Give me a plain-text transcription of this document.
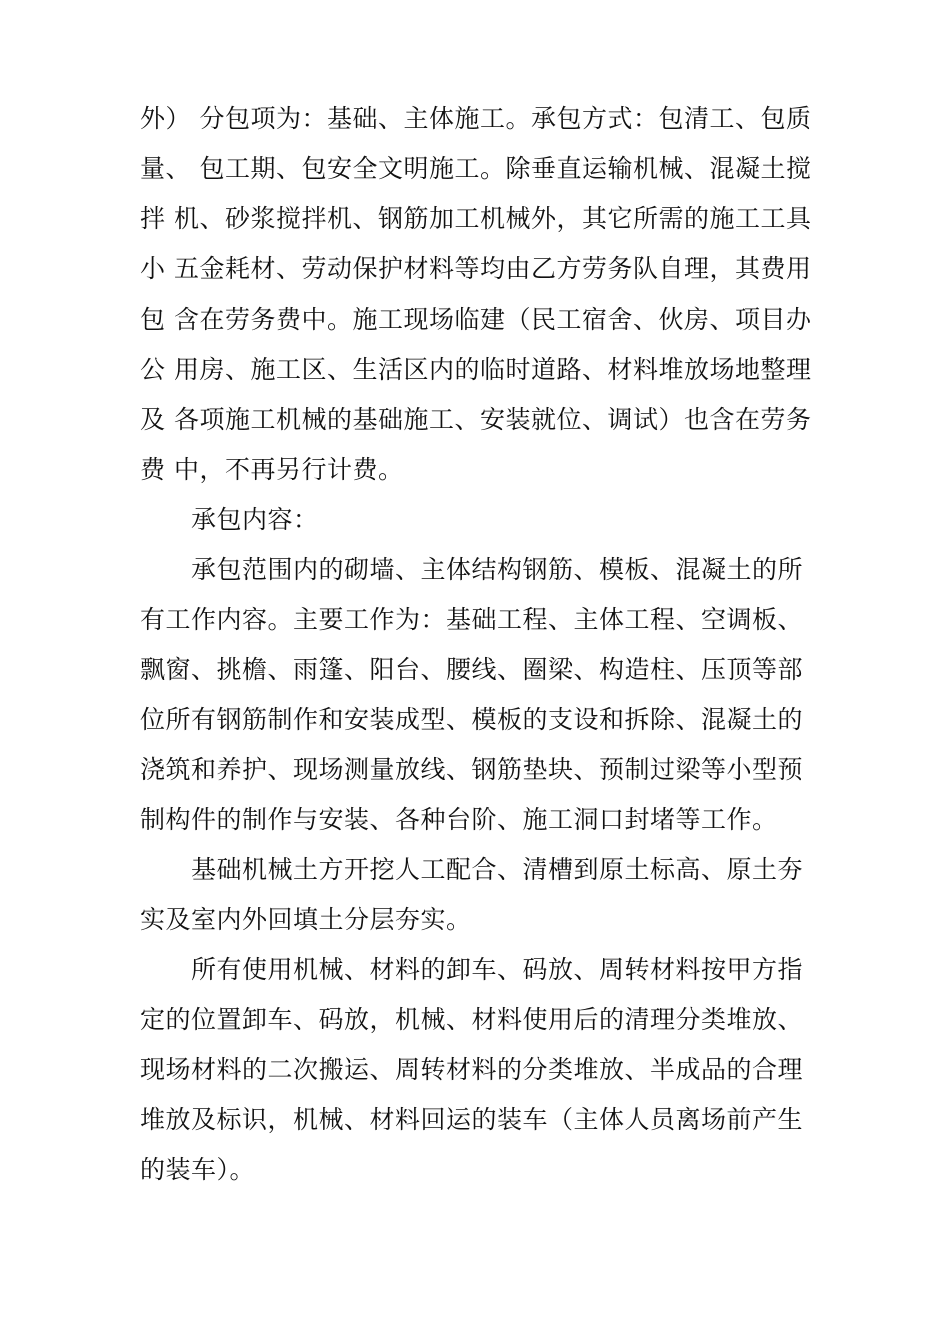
外） 分包项为：基础、主体施工。承包方式：包清工、包质
量、 包工期、包安全文明施工。除垂直运输机械、混凝土搅
拌 机、砂浆搅拌机、钢筋加工机械外，其它所需的施工工具
小 五金耗材、劳动保护材料等均由乙方劳务队自理，其费用
包 含在劳务费中。施工现场临建（民工宿舍、伙房、项目办
公 用房、施工区、生活区内的临时道路、材料堆放场地整理
及 各项施工机械的基础施工、安装就位、调试）也含在劳务
费 中，不再另行计费。
承包内容：
承包范围内的砌墙、主体结构钢筋、模板、混凝土的所
有工作内容。主要工作为：基础工程、主体工程、空调板、
飘窗、挑檐、雨篷、阳台、腰线、圈梁、构造柱、压顶等部
位所有钢筋制作和安装成型、模板的支设和拆除、混凝土的
浇筑和养护、现场测量放线、钢筋垫块、预制过梁等小型预
制构件的制作与安装、各种台阶、施工洞口封堵等工作。
基础机械土方开挖人工配合、清槽到原土标高、原土夯
实及室内外回填土分层夯实。
所有使用机械、材料的卸车、码放、周转材料按甲方指
定的位置卸车、码放，机械、材料使用后的清理分类堆放、
现场材料的二次搬运、周转材料的分类堆放、半成品的合理
堆放及标识，机械、材料回运的装车（主体人员离场前产生
的装车）。
